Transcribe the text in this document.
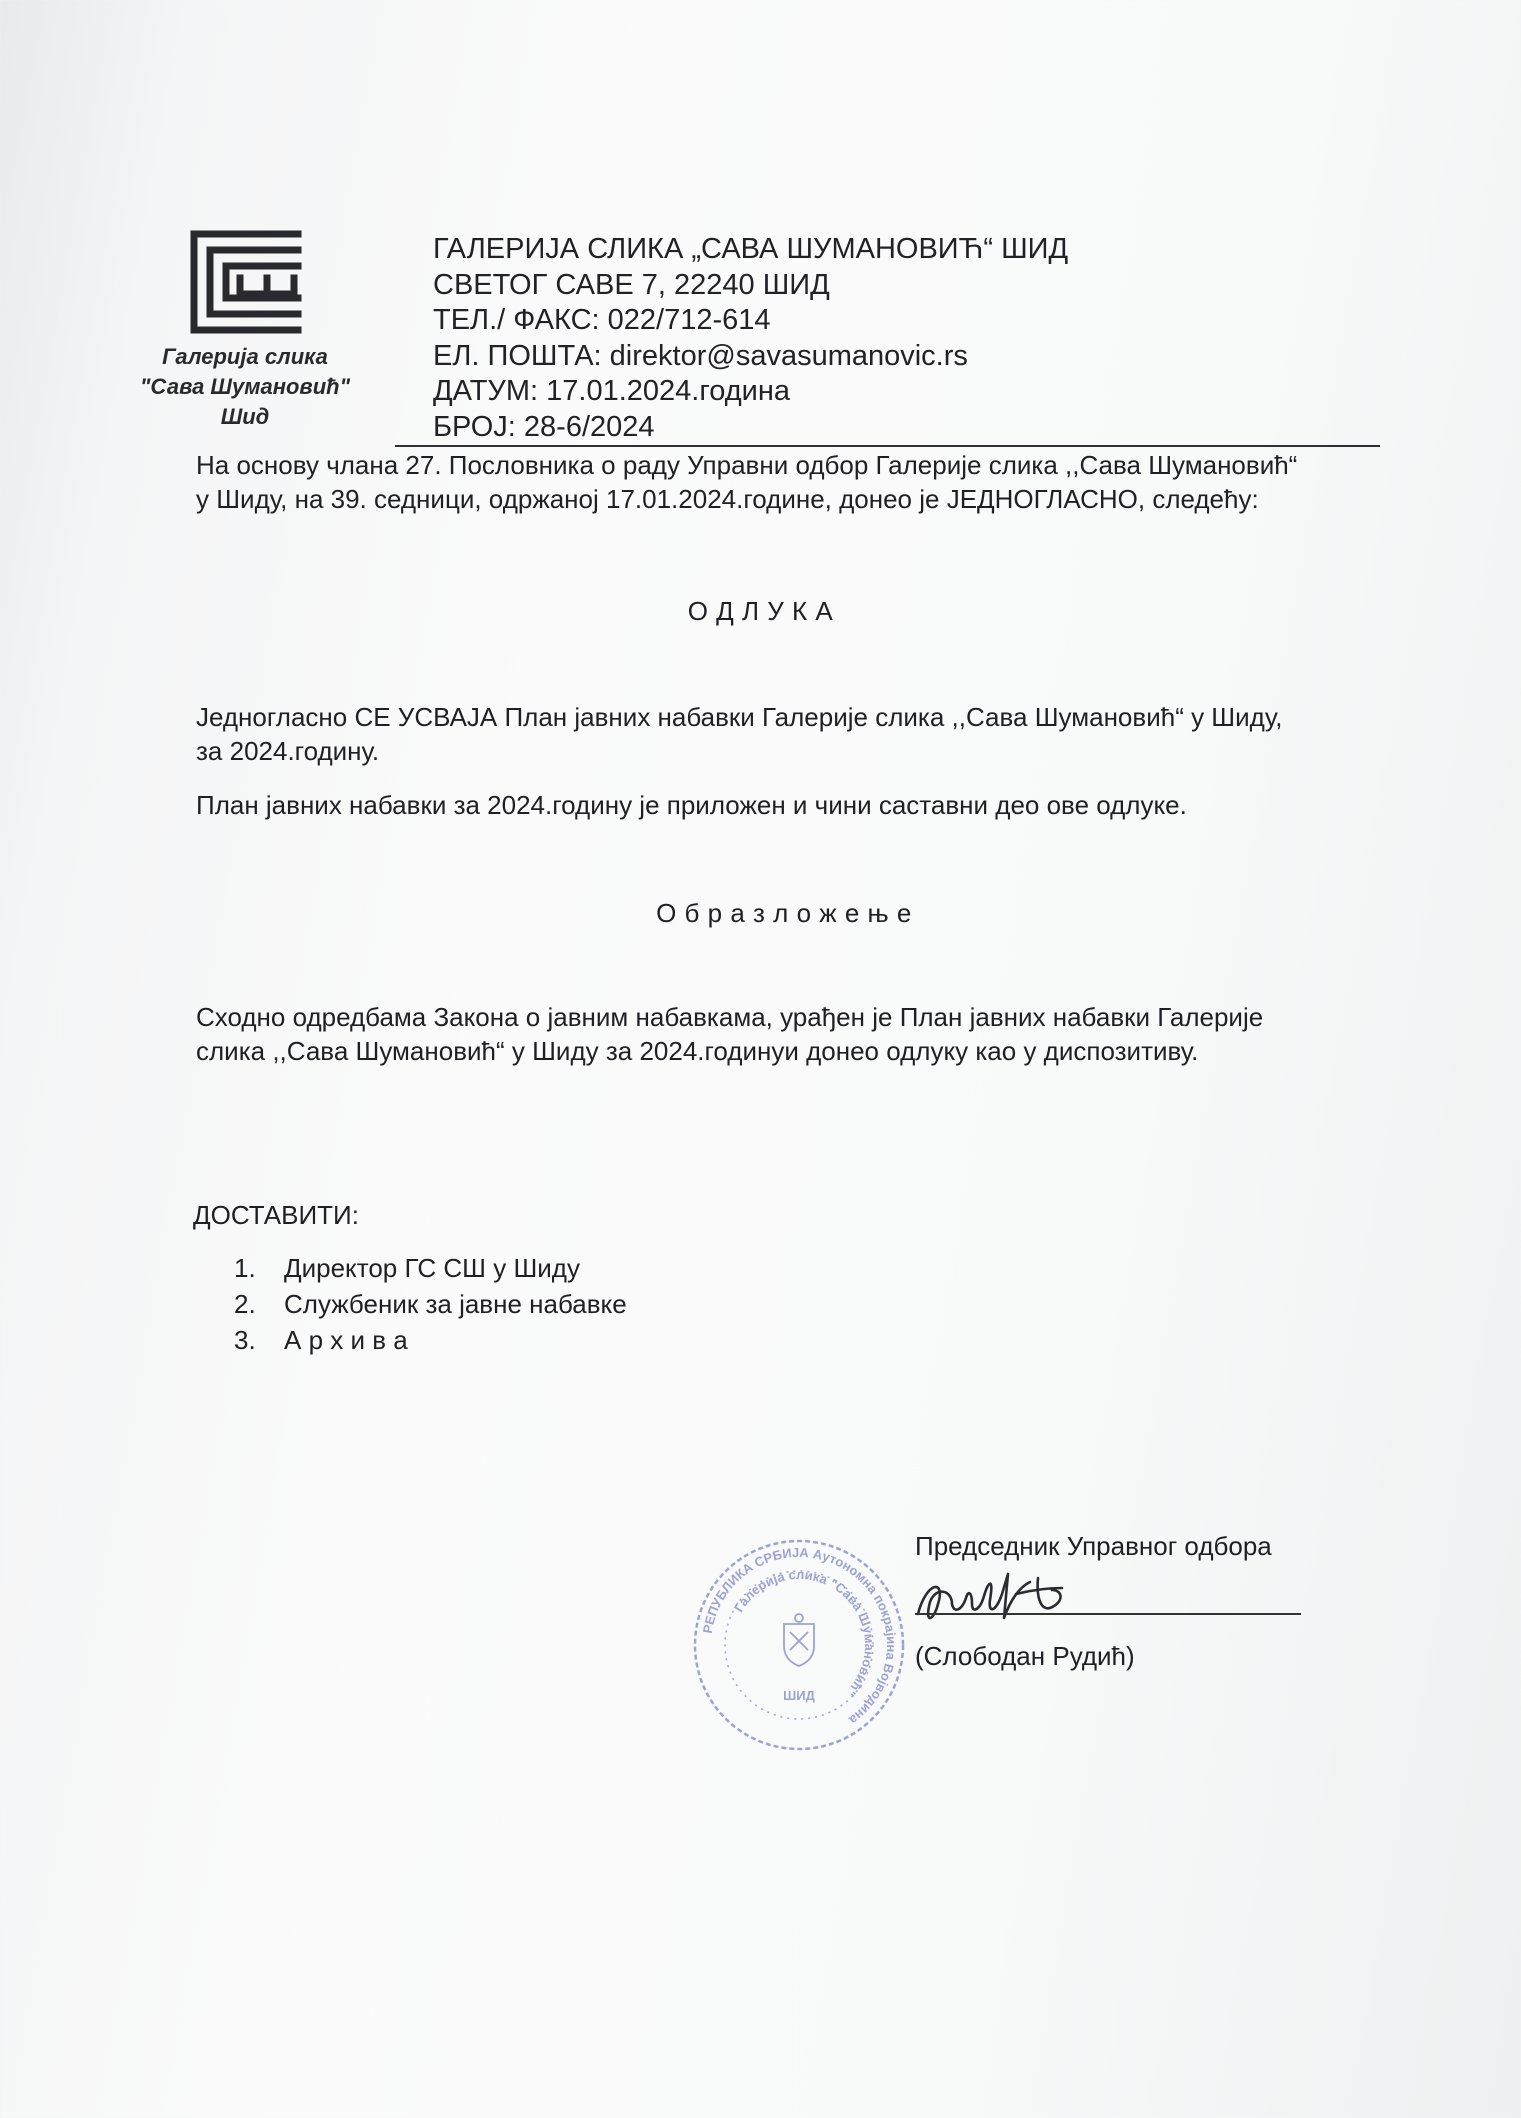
Галерија слика
"Сава Шумановић"
Шид
ГАЛЕРИЈА СЛИКА „САВА ШУМАНОВИЋ“ ШИД
СВЕТОГ САВЕ 7, 22240 ШИД
ТЕЛ./ ФАКС: 022/712-614
ЕЛ. ПОШТА: direktor@savasumanovic.rs
ДАТУМ: 17.01.2024.година
БРОЈ: 28-6/2024
На основу члана 27. Пословника о раду Управни одбор Галерије слика ,,Сава Шумановић“
у Шиду, на 39. седници, одржаној 17.01.2024.године, донео је ЈЕДНОГЛАСНО, следећу:
О Д Л У К А
Једногласно СЕ УСВАЈА План јавних набавки Галерије слика ,,Сава Шумановић“ у Шиду,
за 2024.годину.
План јавних набавки за 2024.годину је приложен и чини саставни део ове одлуке.
О б р а з л о ж е њ е
Сходно одредбама Закона о јавним набавкама, урађен је План јавних набавки Галерије
слика ,,Сава Шумановић“ у Шиду за 2024.годинуи донео одлуку као у диспозитиву.
ДОСТАВИТИ:
1. Директор ГС СШ у Шиду
2. Службеник за јавне набавке
3. А р х и в а
РЕПУБЛИКА СРБИЈА Аутономна покрајина Војводина
Галерија слика "Сава Шумановић"
ШИД
Председник Управног одбора
(Слободан Рудић)
